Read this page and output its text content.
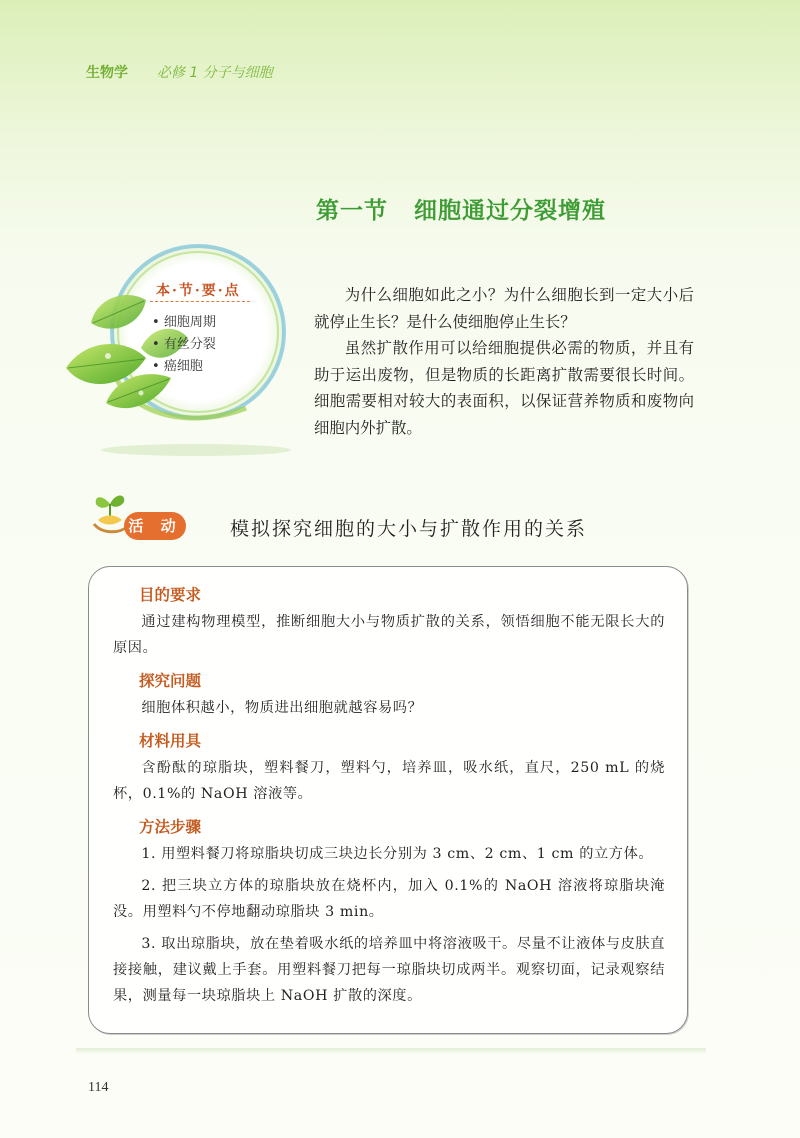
生物学 必修 1 分子与细胞
第一节 细胞通过分裂增殖
本·节·要·点
• 细胞周期
• 有丝分裂
• 癌细胞

为什么细胞如此之小？为什么细胞长到一定大小后就停止生长？是什么使细胞停止生长？

虽然扩散作用可以给细胞提供必需的物质，并且有助于运出废物，但是物质的长距离扩散需要很长时间。细胞需要相对较大的表面积，以保证营养物质和废物向细胞内外扩散。

活 动	模拟探究细胞的大小与扩散作用的关系
目的要求

通过建构物理模型，推断细胞大小与物质扩散的关系，领悟细胞不能无限长大的原因。

探究问题

细胞体积越小，物质进出细胞就越容易吗？

材料用具

含酚酞的琼脂块，塑料餐刀，塑料勺，培养皿，吸水纸，直尺，250 mL 的烧杯，0.1%的 NaOH 溶液等。

方法步骤

1. 用塑料餐刀将琼脂块切成三块边长分别为 3 cm、2 cm、1 cm 的立方体。

2. 把三块立方体的琼脂块放在烧杯内，加入 0.1%的 NaOH 溶液将琼脂块淹没。用塑料勺不停地翻动琼脂块 3 min。

3. 取出琼脂块，放在垫着吸水纸的培养皿中将溶液吸干。尽量不让液体与皮肤直接接触，建议戴上手套。用塑料餐刀把每一琼脂块切成两半。观察切面，记录观察结果，测量每一块琼脂块上 NaOH 扩散的深度。

114
